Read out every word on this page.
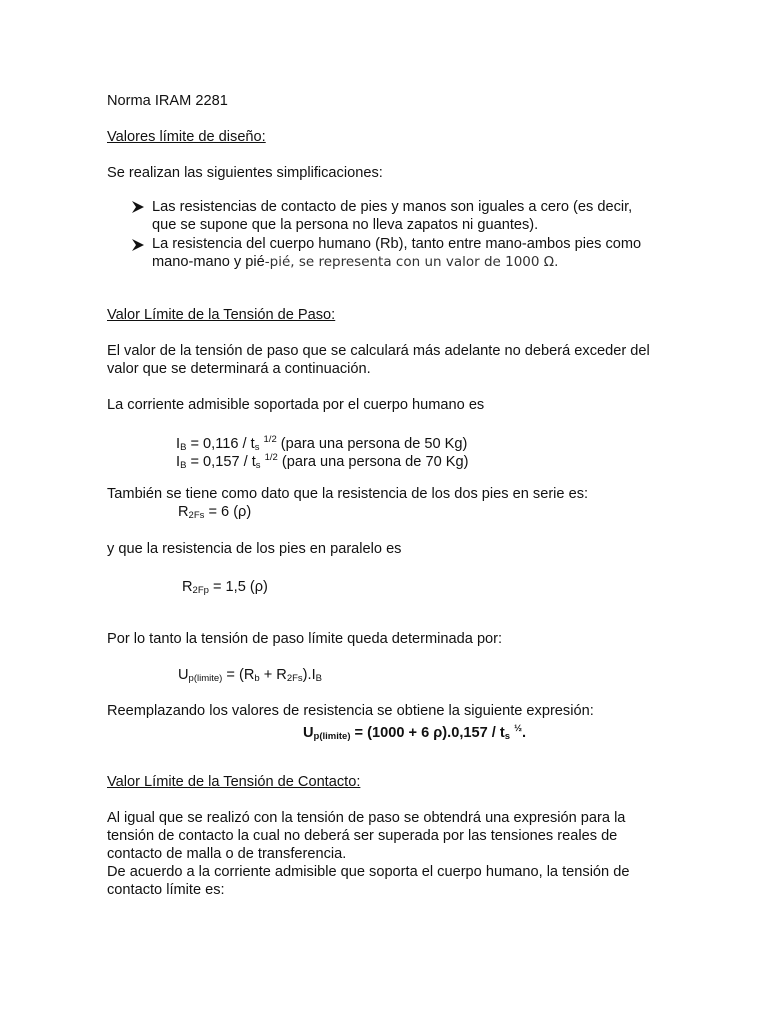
Norma IRAM 2281
Valores límite de diseño:
Se realizan las siguientes simplificaciones:
Las resistencias de contacto de pies y manos son iguales a cero (es decir,
que se supone que la persona no lleva zapatos ni guantes).
La resistencia del cuerpo humano (Rb), tanto entre mano-ambos pies como
mano-mano y pié-pié, se representa con un valor de 1000 Ω.
Valor Límite de la Tensión de Paso:
El valor de la tensión de paso que se calculará más adelante no deberá exceder del
valor que se determinará a continuación.
La corriente admisible soportada por el cuerpo humano es
$I_B = 0,116 / t_s$ $^{1/2}$ (para una persona de 50 Kg)
$I_B = 0,157 / t_s$ $^{1/2}$ (para una persona de 70 Kg)
También se tiene como dato que la resistencia de los dos pies en serie es:
$R_{2Fs} = 6$ (ρ)
y que la resistencia de los pies en paralelo es
$R_{2Fp} = 1,5$ (ρ)
Por lo tanto la tensión de paso límite queda determinada por:
$U_{p(limite)} = (R_b + R_{2Fs}).I_B$
Reemplazando los valores de resistencia se obtiene la siguiente expresión:
$U_{p(limite)} = (1000 + 6$ $\rho).0,157 / t_s$ $^{\frac{1}{2}}$.
Valor Límite de la Tensión de Contacto:
Al igual que se realizó con la tensión de paso se obtendrá una expresión para la
tensión de contacto la cual no deberá ser superada por las tensiones reales de
contacto de malla o de transferencia.
De acuerdo a la corriente admisible que soporta el cuerpo humano, la tensión de
contacto límite es:
